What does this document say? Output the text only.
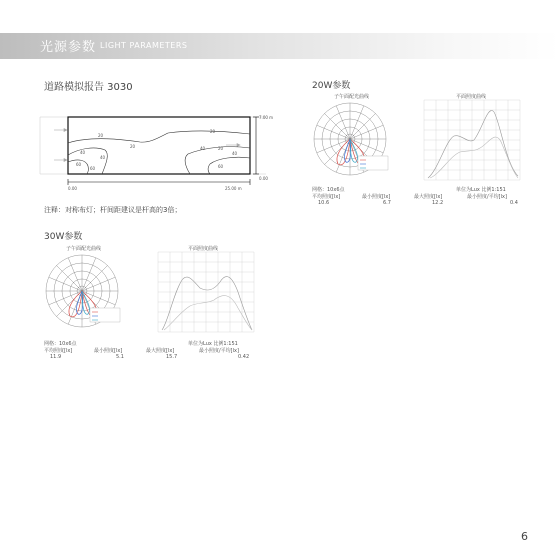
光源参数 LIGHT PARAMETERS
道路模拟报告 3030
20
20
20
20
40
40
40
40
60
60	60
7.00 m
0.00
0.00	25.00 m
注释：对称布灯；杆间距建议是杆高的3倍；
20W参数
子午面配光曲线	平面照度曲线
网格：10x6点	单位为Lux 比例1:151
平均照度[lx]	最小照度[lx]	最大照度[lx]	最小照度/平均[lx]
10.6	6.7	12.2	0.4
30W参数
子午面配光曲线	平面照度曲线
网格：10x6点	单位为Lux 比例1:151
平均照度[lx]	最小照度[lx]	最大照度[lx]	最小照度/平均[lx]
11.9	5.1	15.7	0.42
6
